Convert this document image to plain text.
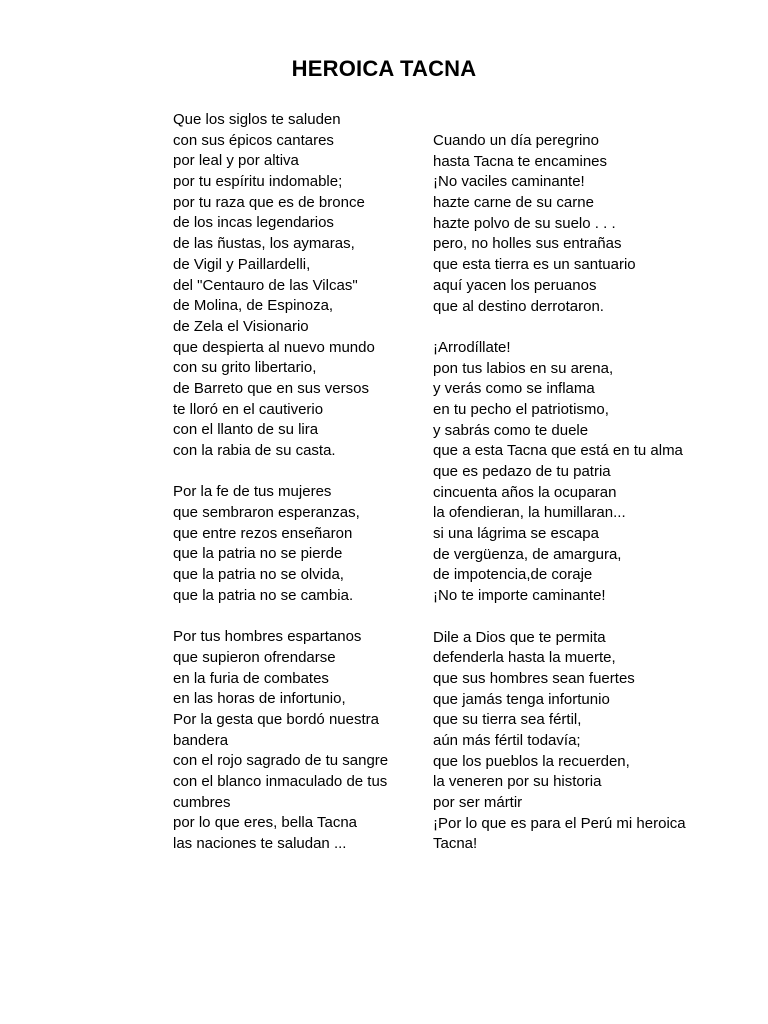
HEROICA TACNA
Que los siglos te saluden
con sus épicos cantares
por leal y por altiva
por tu espíritu indomable;
por tu raza que es de bronce
de los incas legendarios
de las ñustas, los aymaras,
de Vigil y Paillardelli,
del "Centauro de las Vilcas"
de Molina, de Espinoza,
de Zela el Visionario
que despierta al nuevo mundo
con su grito libertario,
de Barreto que en sus versos
te lloró en el cautiverio
con el llanto de su lira
con la rabia de su casta.
Por la fe de tus mujeres
que sembraron esperanzas,
que entre rezos enseñaron
que la patria no se pierde
que la patria no se olvida,
que la patria no se cambia.
Por tus hombres espartanos
que supieron ofrendarse
en la furia de combates
en las horas de infortunio,
Por la gesta que bordó nuestra
bandera
con el rojo sagrado de tu sangre
con el blanco inmaculado de tus
cumbres
por lo que eres, bella Tacna
las naciones te saludan ...
Cuando un día peregrino
hasta Tacna te encamines
¡No vaciles caminante!
hazte carne de su carne
hazte polvo de su suelo . . .
pero, no holles sus entrañas
que esta tierra es un santuario
aquí yacen los peruanos
que al destino derrotaron.
¡Arrodíllate!
pon tus labios en su arena,
y verás como se inflama
en tu pecho el patriotismo,
y sabrás como te duele
que a esta Tacna que está en tu alma
que es pedazo de tu patria
cincuenta años la ocuparan
la ofendieran, la humillaran...
si una lágrima se escapa
de vergüenza, de amargura,
de impotencia,de coraje
¡No te importe caminante!
Dile a Dios que te permita
defenderla hasta la muerte,
que sus hombres sean fuertes
que jamás tenga infortunio
que su tierra sea fértil,
aún más fértil todavía;
que los pueblos la recuerden,
la veneren por su historia
por ser mártir
¡Por lo que es para el Perú mi heroica
Tacna!
